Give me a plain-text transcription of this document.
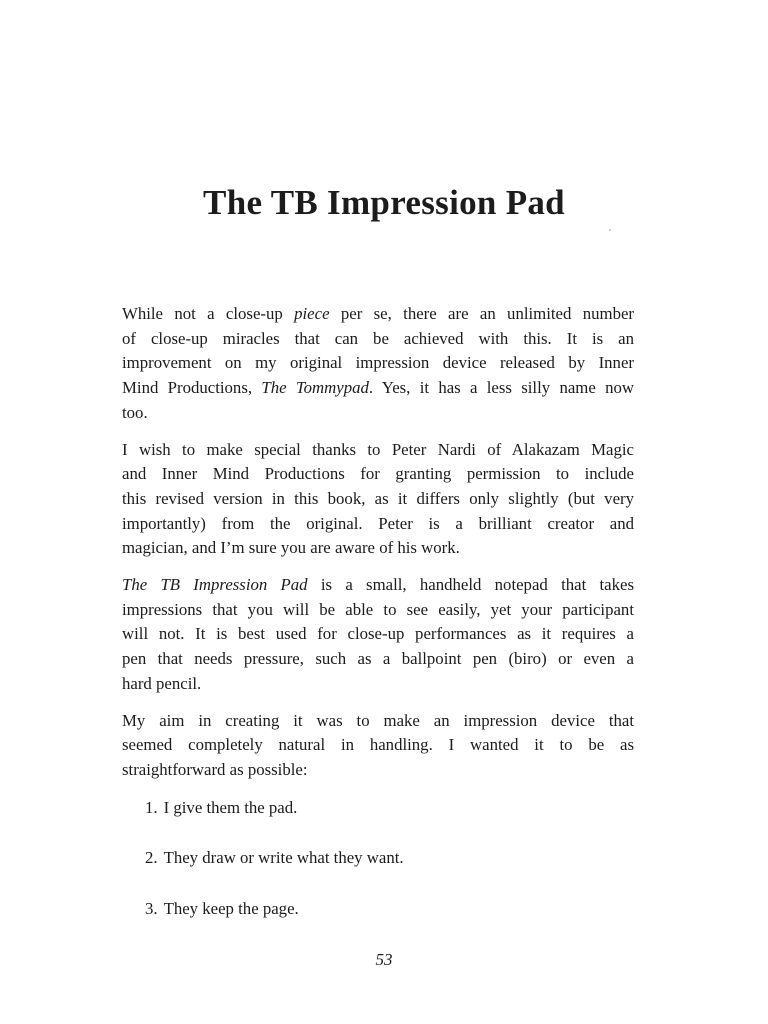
The TB Impression Pad

While not a close-up piece per se, there are an unlimited number
of close-up miracles that can be achieved with this. It is an
improvement on my original impression device released by Inner
Mind Productions, The Tommypad. Yes, it has a less silly name now
too.

I wish to make special thanks to Peter Nardi of Alakazam Magic
and Inner Mind Productions for granting permission to include
this revised version in this book, as it differs only slightly (but very
importantly) from the original. Peter is a brilliant creator and
magician, and I’m sure you are aware of his work.

The TB Impression Pad is a small, handheld notepad that takes
impressions that you will be able to see easily, yet your participant
will not. It is best used for close-up performances as it requires a
pen that needs pressure, such as a ballpoint pen (biro) or even a
hard pencil.

My aim in creating it was to make an impression device that
seemed completely natural in handling. I wanted it to be as
straightforward as possible:

1. I give them the pad.
2. They draw or write what they want.
3. They keep the page.
53
